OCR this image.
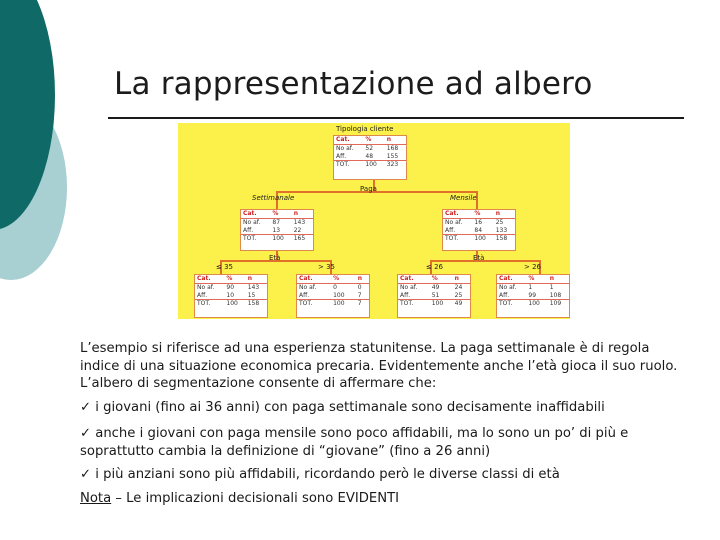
La rappresentazione ad albero
Tipologia cliente
Paga
Settimanale	Mensile
Età	Età
≤ 35	> 35	≤ 26	> 26
Cat.	%	n
No af.	52	168
Aff.	48	155
TOT.	100	323
Cat.	%	n
No af.	87	143
Aff.	13	22
TOT.	100	165
Cat.	%	n
No af.	16	25
Aff.	84	133
TOT.	100	158
Cat.	%	n
No af.	90	143
Aff.	10	15
TOT.	100	158
Cat.	%	n
No af.	0	0
Aff.	100	7
TOT.	100	7
Cat.	%	n
No af.	49	24
Aff.	51	25
TOT.	100	49
Cat.	%	n
No af.	1	1
Aff.	99	108
TOT.	100	109
L’esempio si riferisce ad una esperienza statunitense. La paga settimanale è di regola indice di una situazione economica precaria. Evidentemente anche l’età gioca il suo ruolo. L’albero di segmentazione consente di affermare che:
✓ i giovani (fino ai 36 anni) con paga settimanale sono decisamente inaffidabili
✓ anche i giovani con paga mensile sono poco affidabili, ma lo sono un po’ di più e soprattutto cambia la definizione di “giovane” (fino a 26 anni)
✓ i più anziani sono più affidabili, ricordando però le diverse classi di età
Nota – Le implicazioni decisionali sono EVIDENTI
